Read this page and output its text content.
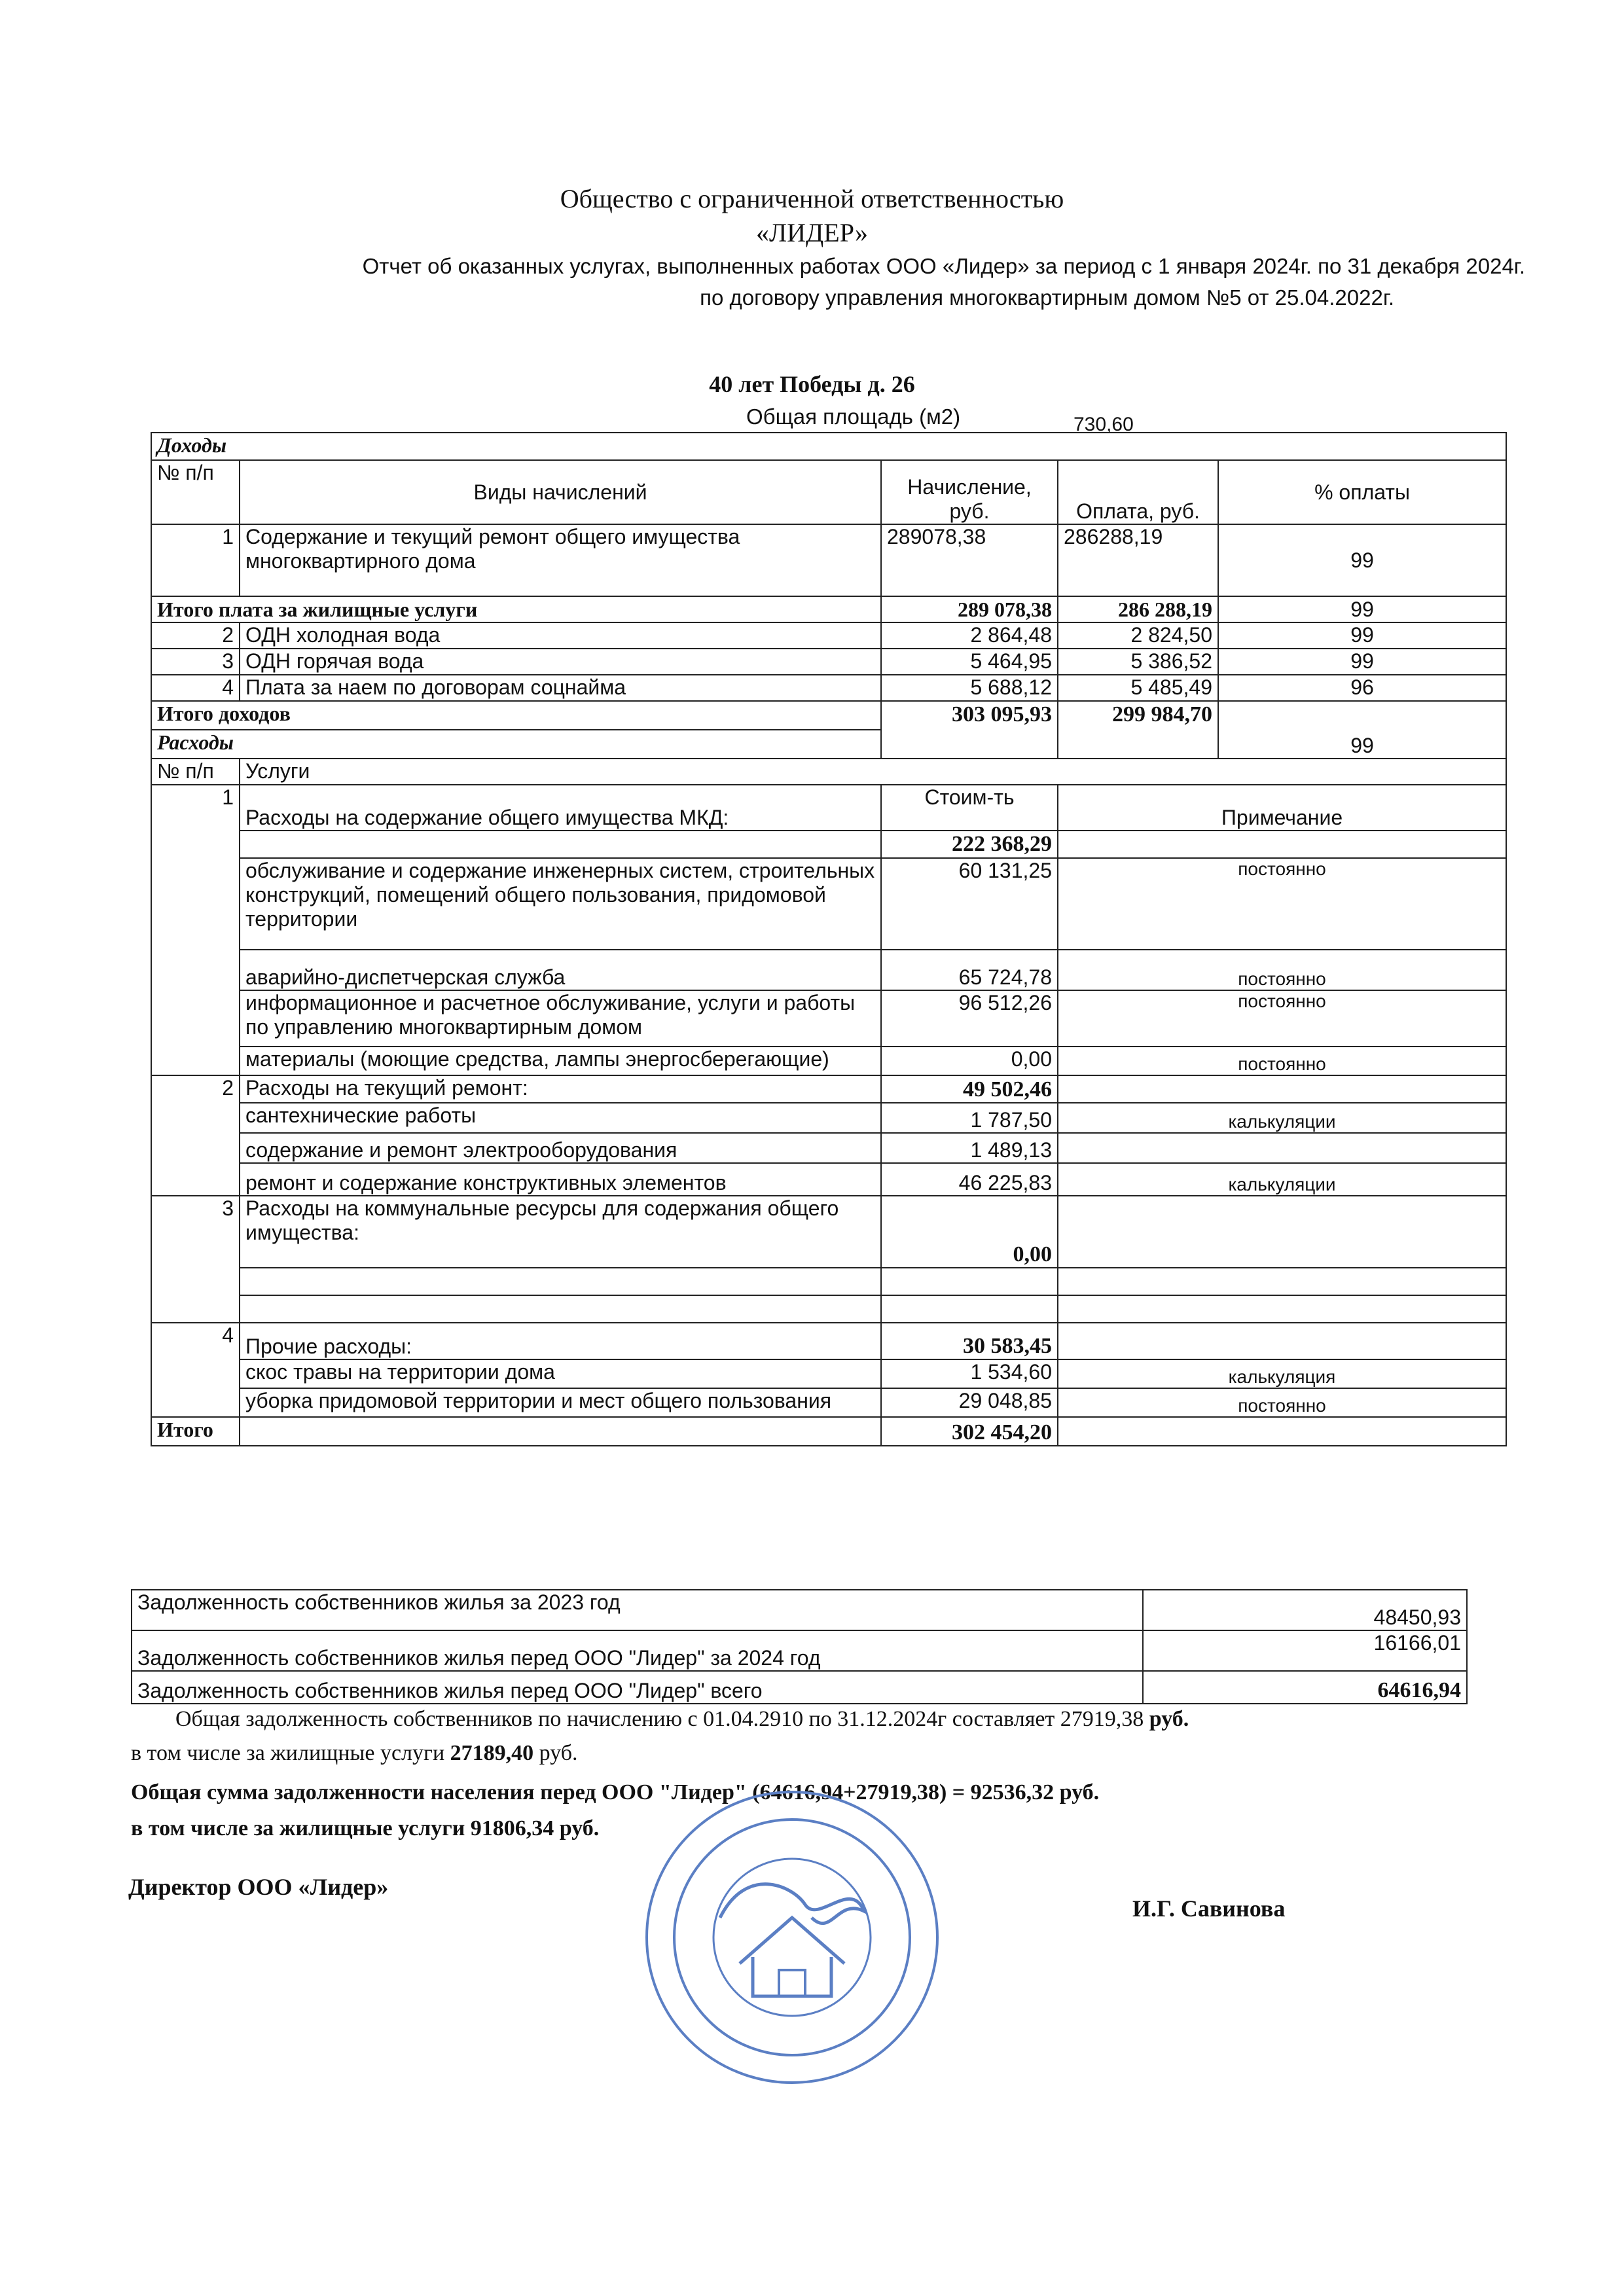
Общество с ограниченной ответственностью
«ЛИДЕР»
Отчет об оказанных услугах, выполненных работах ООО «Лидер» за период с 1 января 2024г. по 31 декабря 2024г.
по договору управления многоквартирным домом №5 от 25.04.2022г.
40 лет Победы д. 26
Общая площадь (м2)	730,60
Доходы				
№ п/п	Виды начислений	Начисление, руб.	Оплата, руб.	% оплаты
1	Содержание и текущий ремонт общего имущества многоквартирного дома	289078,38	286288,19	99
Итого плата за жилищные услуги		289 078,38	286 288,19	99
2	ОДН холодная вода	2 864,48	2 824,50	99
3	ОДН горячая вода	5 464,95	5 386,52	99
4	Плата за наем по договорам соцнайма	5 688,12	5 485,49	96
Итого доходов		303 095,93	299 984,70	99
Расходы				
№ п/п	Услуги			
1	Расходы на содержание общего имущества МКД:	Стоим-ть	Примечание	
		222 368,29		
	обслуживание и содержание инженерных систем, строительных конструкций, помещений общего пользования, придомовой территории	60 131,25	постоянно	
	аварийно-диспетчерская служба	65 724,78	постоянно	
	информационное и расчетное обслуживание, услуги и работы по управлению многоквартирным домом	96 512,26	постоянно	
	материалы (моющие средства, лампы энергосберегающие)	0,00	постоянно	
2	Расходы на текущий ремонт:	49 502,46		
	сантехнические работы	1 787,50	калькуляции	
	содержание и ремонт электрооборудования	1 489,13		
	ремонт и содержание конструктивных элементов	46 225,83	калькуляции	
3	Расходы на коммунальные ресурсы для содержания общего имущества:	0,00		

4	Прочие расходы:	30 583,45		
	скос травы на территории дома	1 534,60	калькуляция	
	уборка придомовой территории и мест общего пользования	29 048,85	постоянно	
Итого		302 454,20		
Задолженность собственников жилья за 2023 год	48450,93
Задолженность собственников жилья перед ООО "Лидер" за 2024 год	16166,01
Задолженность собственников жилья перед ООО "Лидер" всего	64616,94
Общая задолженность собственников по начислению с 01.04.2910 по 31.12.2024г составляет 27919,38 руб.
в том числе за жилищные услуги 27189,40 руб.
Общая сумма задолженности населения перед ООО "Лидер" (64616,94+27919,38) = 92536,32 руб.
в том числе за жилищные услуги 91806,34 руб.
Директор ООО «Лидер»
И.Г. Савинова
